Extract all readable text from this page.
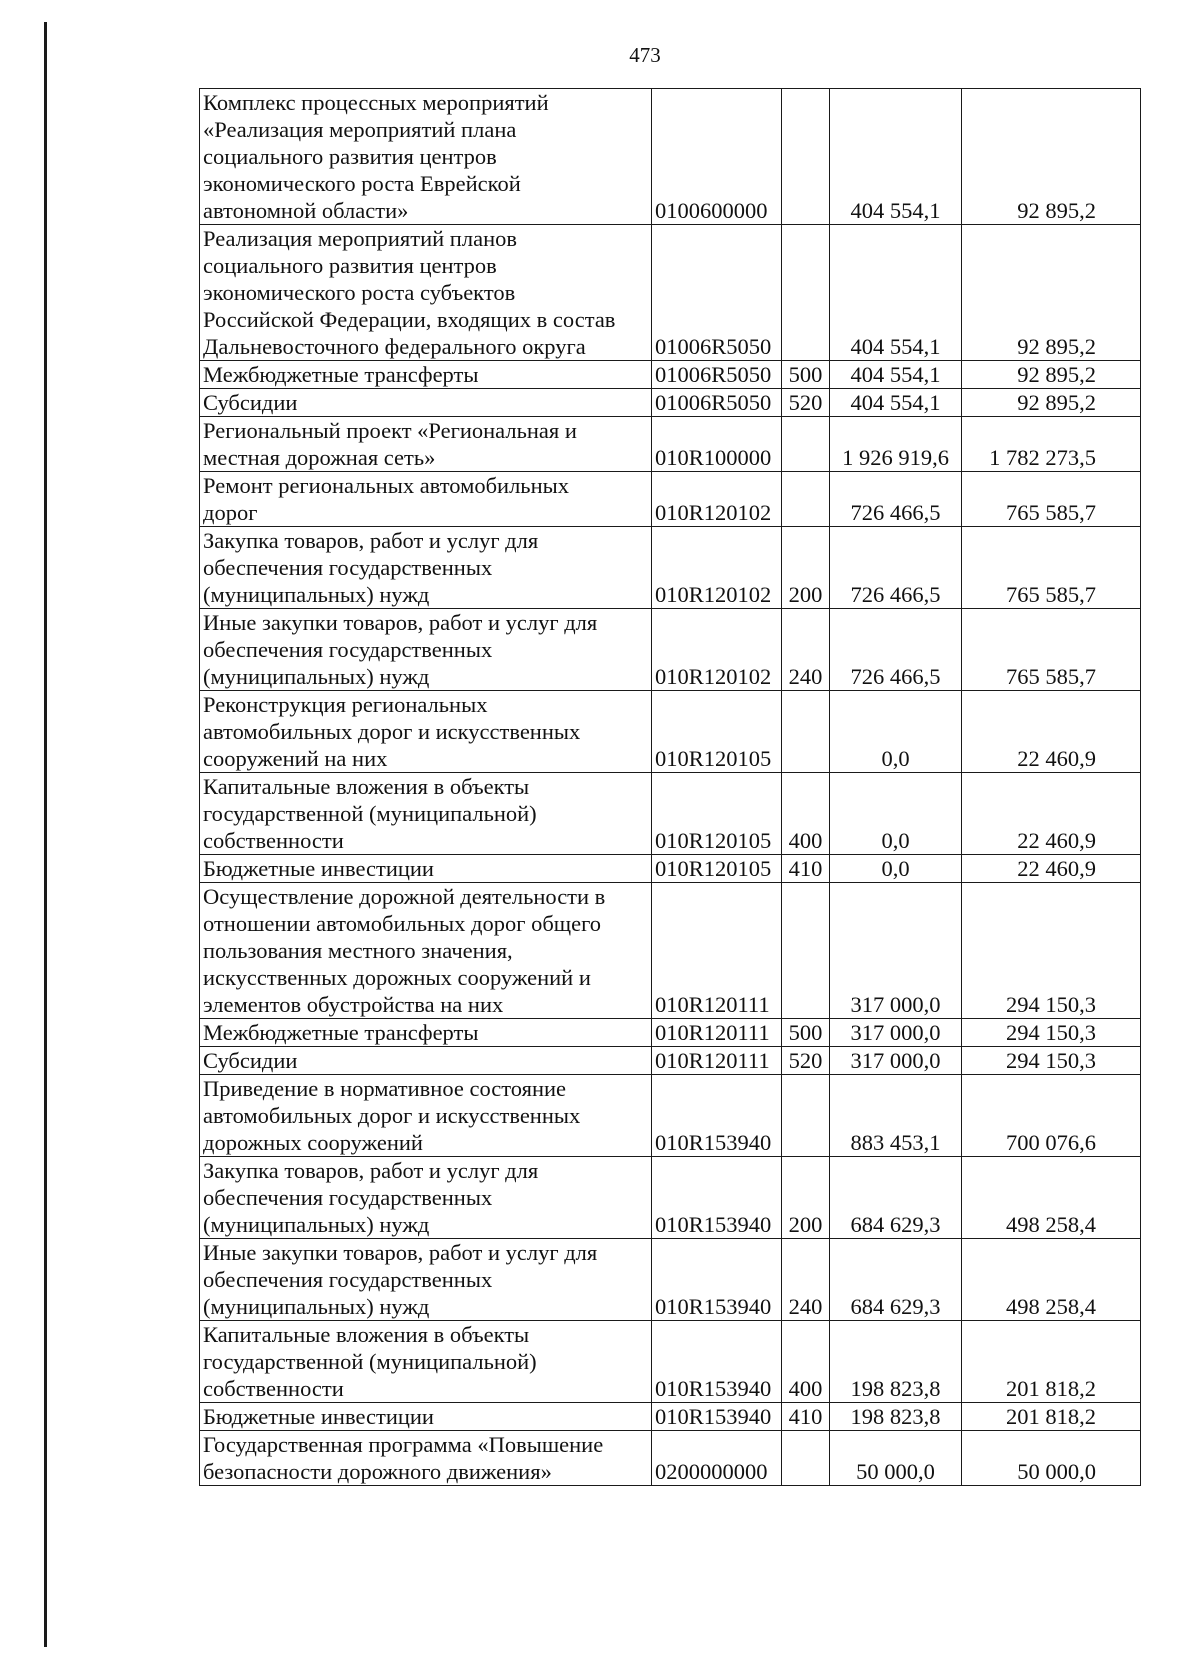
473
Комплекс процессных мероприятий
«Реализация мероприятий плана
социального развития центров
экономического роста Еврейской
автономной области»	0100600000		404 554,1	92 895,2

Реализация мероприятий планов
социального развития центров
экономического роста субъектов
Российской Федерации, входящих в состав
Дальневосточного федерального округа	01006R5050		404 554,1	92 895,2

Межбюджетные трансферты	01006R5050	500	404 554,1	92 895,2

Субсидии	01006R5050	520	404 554,1	92 895,2

Региональный проект «Региональная и
местная дорожная сеть»	010R100000		1 926 919,6	1 782 273,5

Ремонт региональных автомобильных
дорог	010R120102		726 466,5	765 585,7

Закупка товаров, работ и услуг для
обеспечения государственных
(муниципальных) нужд	010R120102	200	726 466,5	765 585,7

Иные закупки товаров, работ и услуг для
обеспечения государственных
(муниципальных) нужд	010R120102	240	726 466,5	765 585,7

Реконструкция региональных
автомобильных дорог и искусственных
сооружений на них	010R120105		0,0	22 460,9

Капитальные вложения в объекты
государственной (муниципальной)
собственности	010R120105	400	0,0	22 460,9

Бюджетные инвестиции	010R120105	410	0,0	22 460,9

Осуществление дорожной деятельности в
отношении автомобильных дорог общего
пользования местного значения,
искусственных дорожных сооружений и
элементов обустройства на них	010R120111		317 000,0	294 150,3

Межбюджетные трансферты	010R120111	500	317 000,0	294 150,3

Субсидии	010R120111	520	317 000,0	294 150,3

Приведение в нормативное состояние
автомобильных дорог и искусственных
дорожных сооружений	010R153940		883 453,1	700 076,6

Закупка товаров, работ и услуг для
обеспечения государственных
(муниципальных) нужд	010R153940	200	684 629,3	498 258,4

Иные закупки товаров, работ и услуг для
обеспечения государственных
(муниципальных) нужд	010R153940	240	684 629,3	498 258,4

Капитальные вложения в объекты
государственной (муниципальной)
собственности	010R153940	400	198 823,8	201 818,2

Бюджетные инвестиции	010R153940	410	198 823,8	201 818,2

Государственная программа «Повышение
безопасности дорожного движения»	0200000000		50 000,0	50 000,0
